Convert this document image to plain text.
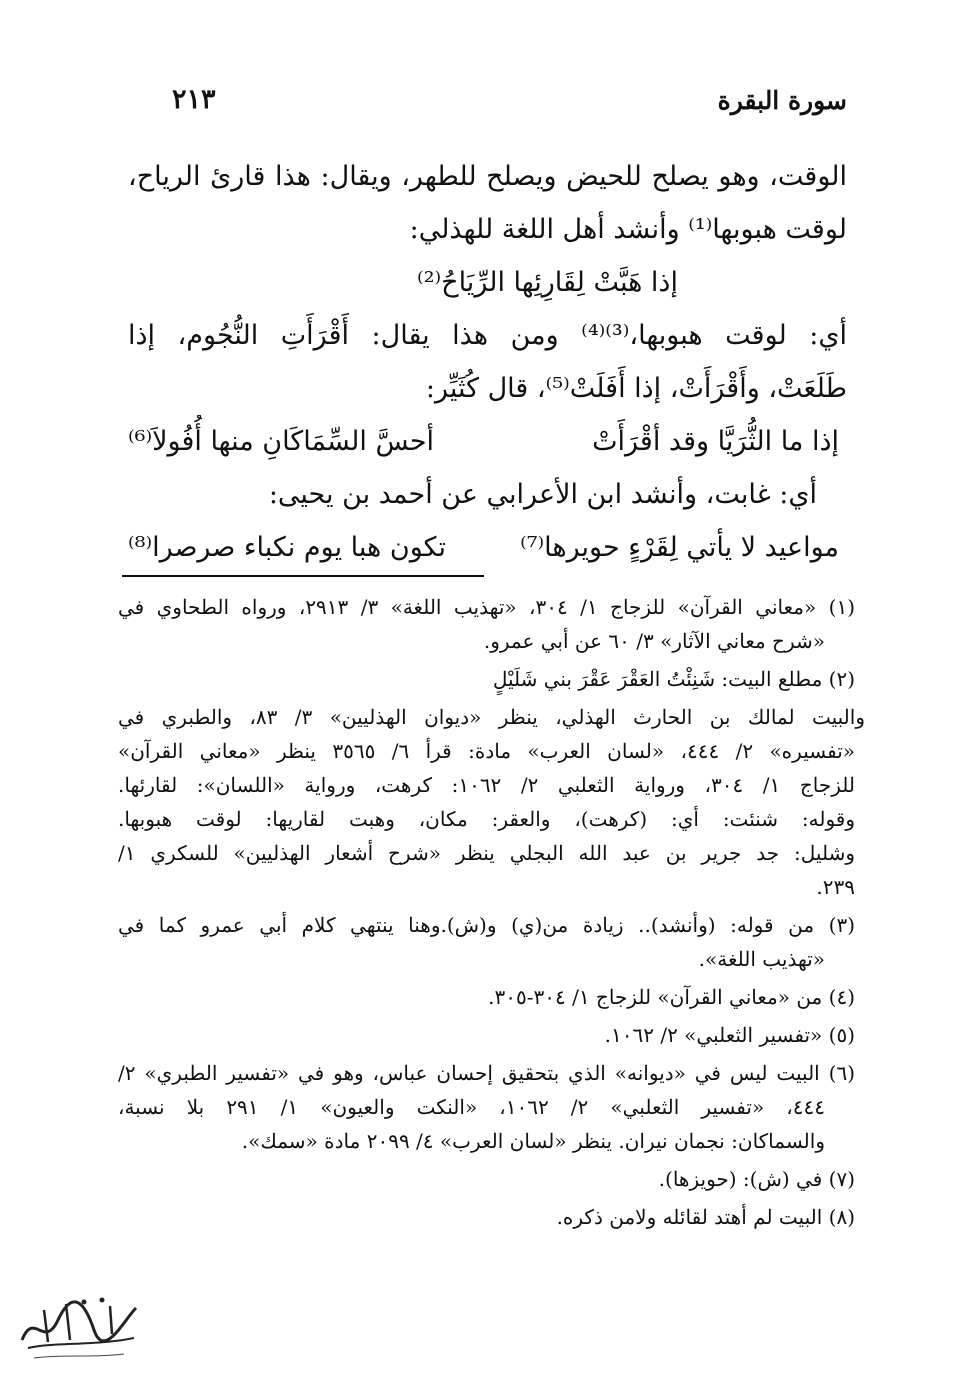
سورة البقرة
٢١٣
الوقت، وهو يصلح للحيض ويصلح للطهر، ويقال: هذا قارئ الرياح،
لوقت هبوبها⁽¹⁾ وأنشد أهل اللغة للهذلي:
إذا هَبَّتْ لِقَارِئِها الرِّيَاحُ⁽²⁾
أي: لوقت هبوبها،⁽³⁾⁽⁴⁾ ومن هذا يقال: أَقْرَأَتِ النُّجُوم، إذا
طَلَعَتْ، وأَقْرَأَتْ، إذا أَفَلَتْ⁽⁵⁾، قال كُثَيِّر:
إذا ما الثُّرَيَّا وقد أقْرَأَتْ
أحسَّ السِّمَاكَانِ منها أُفُولاَ⁽⁶⁾
أي: غابت، وأنشد ابن الأعرابي عن أحمد بن يحيى:
مواعيد لا يأتي لِقَرْءٍ حويرها⁽⁷⁾
تكون هبا يوم نكباء صرصرا⁽⁸⁾
(١) «معاني القرآن» للزجاج ١/ ٣٠٤، «تهذيب اللغة» ٣/ ٢٩١٣، ورواه الطحاوي في
«شرح معاني الآثار» ٣/ ٦٠ عن أبي عمرو.
(٢) مطلع البيت: شَنِئْتُ العَقْرَ عَقْرَ بني شَلَيْلٍ
والبيت لمالك بن الحارث الهذلي، ينظر «ديوان الهذليين» ٣/ ٨٣، والطبري في
«تفسيره» ٢/ ٤٤٤، «لسان العرب» مادة: قرأ ٦/ ٣٥٦٥ ينظر «معاني القرآن»
للزجاج ١/ ٣٠٤، ورواية الثعلبي ٢/ ١٠٦٢: كرهت، ورواية «اللسان»: لقارئها.
وقوله: شنئت: أي: (كرهت)، والعقر: مكان، وهبت لقاريها: لوقت هبوبها.
وشليل: جد جرير بن عبد الله البجلي ينظر «شرح أشعار الهذليين» للسكري ١/
٢٣٩.
(٣) من قوله: (وأنشد).. زيادة من(ي) و(ش).وهنا ينتهي كلام أبي عمرو كما في
«تهذيب اللغة».
(٤) من «معاني القرآن» للزجاج ١/ ٣٠٤-٣٠٥.
(٥) «تفسير الثعلبي» ٢/ ١٠٦٢.
(٦) البيت ليس في «ديوانه» الذي بتحقيق إحسان عباس، وهو في «تفسير الطبري» ٢/
٤٤٤، «تفسير الثعلبي» ٢/ ١٠٦٢، «النكت والعيون» ١/ ٢٩١ بلا نسبة،
والسماكان: نجمان نيران. ينظر «لسان العرب» ٤/ ٢٠٩٩ مادة «سمك».
(٧) في (ش): (حويزها).
(٨) البيت لم أهتد لقائله ولامن ذكره.
